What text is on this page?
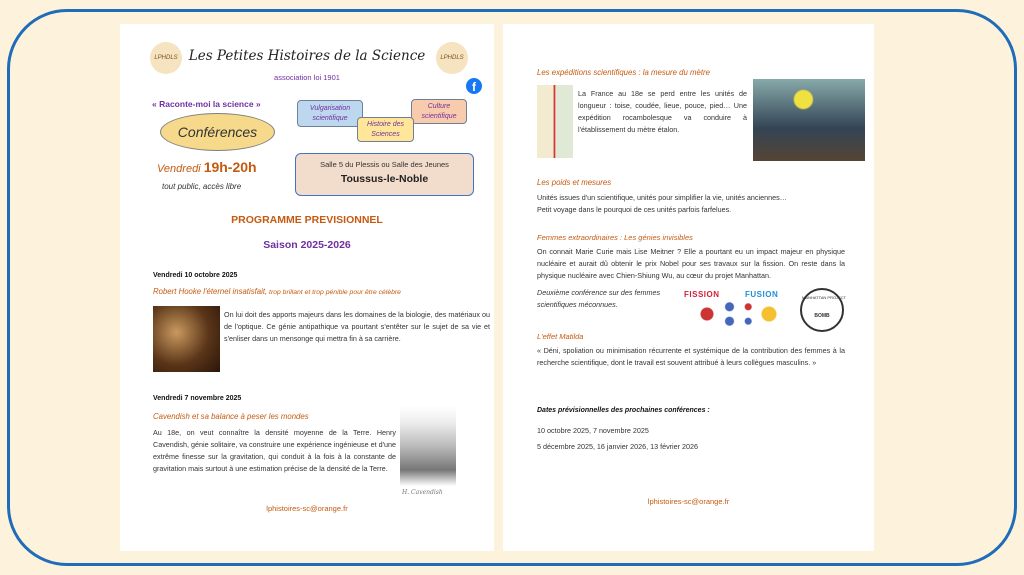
LPHDLS	LPHDLS
Les Petites Histoires de la Science
association loi 1901
f
« Raconte-moi la science »	Vulgarisation
scientifique
Culture
scientifique
Histoire des
Sciences
Conférences
Vendredi 19h-20h
tout public, accès libre
Salle 5 du Plessis ou Salle des Jeunes
Toussus-le-Noble
PROGRAMME PREVISIONNEL
Saison 2025-2026
Vendredi 10 octobre 2025
Robert Hooke l'éternel insatisfait, trop brillant et trop pénible pour être célèbre
On lui doit des apports majeurs dans les domaines de la biologie, des matériaux ou de l'optique. Ce génie antipathique va pourtant s'entêter sur le sujet de sa vie et s'enliser dans un mensonge qui mettra fin à sa carrière.
Vendredi 7 novembre 2025
Cavendish et sa balance à peser les mondes
Au 18e, on veut connaître la densité moyenne de la Terre. Henry Cavendish, génie solitaire, va construire une expérience ingénieuse et d'une extrême finesse sur la gravitation, qui conduit à la fois à la constante de gravitation mais surtout à une estimation précise de la densité de la Terre.
H. Cavendish
lphistoires-sc@orange.fr
Les expéditions scientifiques : la mesure du mètre
La France au 18e se perd entre les unités de longueur : toise, coudée, lieue, pouce, pied… Une expédition rocambolesque va conduire à l'établissement du mètre étalon.
Les poids et mesures
Unités issues d'un scientifique, unités pour simplifier la vie, unités anciennes…
Petit voyage dans le pourquoi de ces unités parfois farfelues.
Femmes extraordinaires : Les génies invisibles
On connait Marie Curie mais Lise Meitner ? Elle a pourtant eu un impact majeur en physique nucléaire et aurait dû obtenir le prix Nobel pour ses travaux sur la fission. On reste dans la physique nucléaire avec Chien-Shiung Wu, au cœur du projet Manhattan.
Deuxième conférence sur des femmes
scientifiques méconnues.
FISSION	FUSION	MANHATTAN PROJECT
BOMB
L'effet Matilda
« Déni, spoliation ou minimisation récurrente et systémique de la contribution des femmes à la recherche scientifique, dont le travail est souvent attribué à leurs collègues masculins. »
Dates prévisionnelles des prochaines conférences :
10 octobre 2025, 7 novembre 2025
5 décembre 2025, 16 janvier 2026, 13 février 2026
lphistoires-sc@orange.fr
